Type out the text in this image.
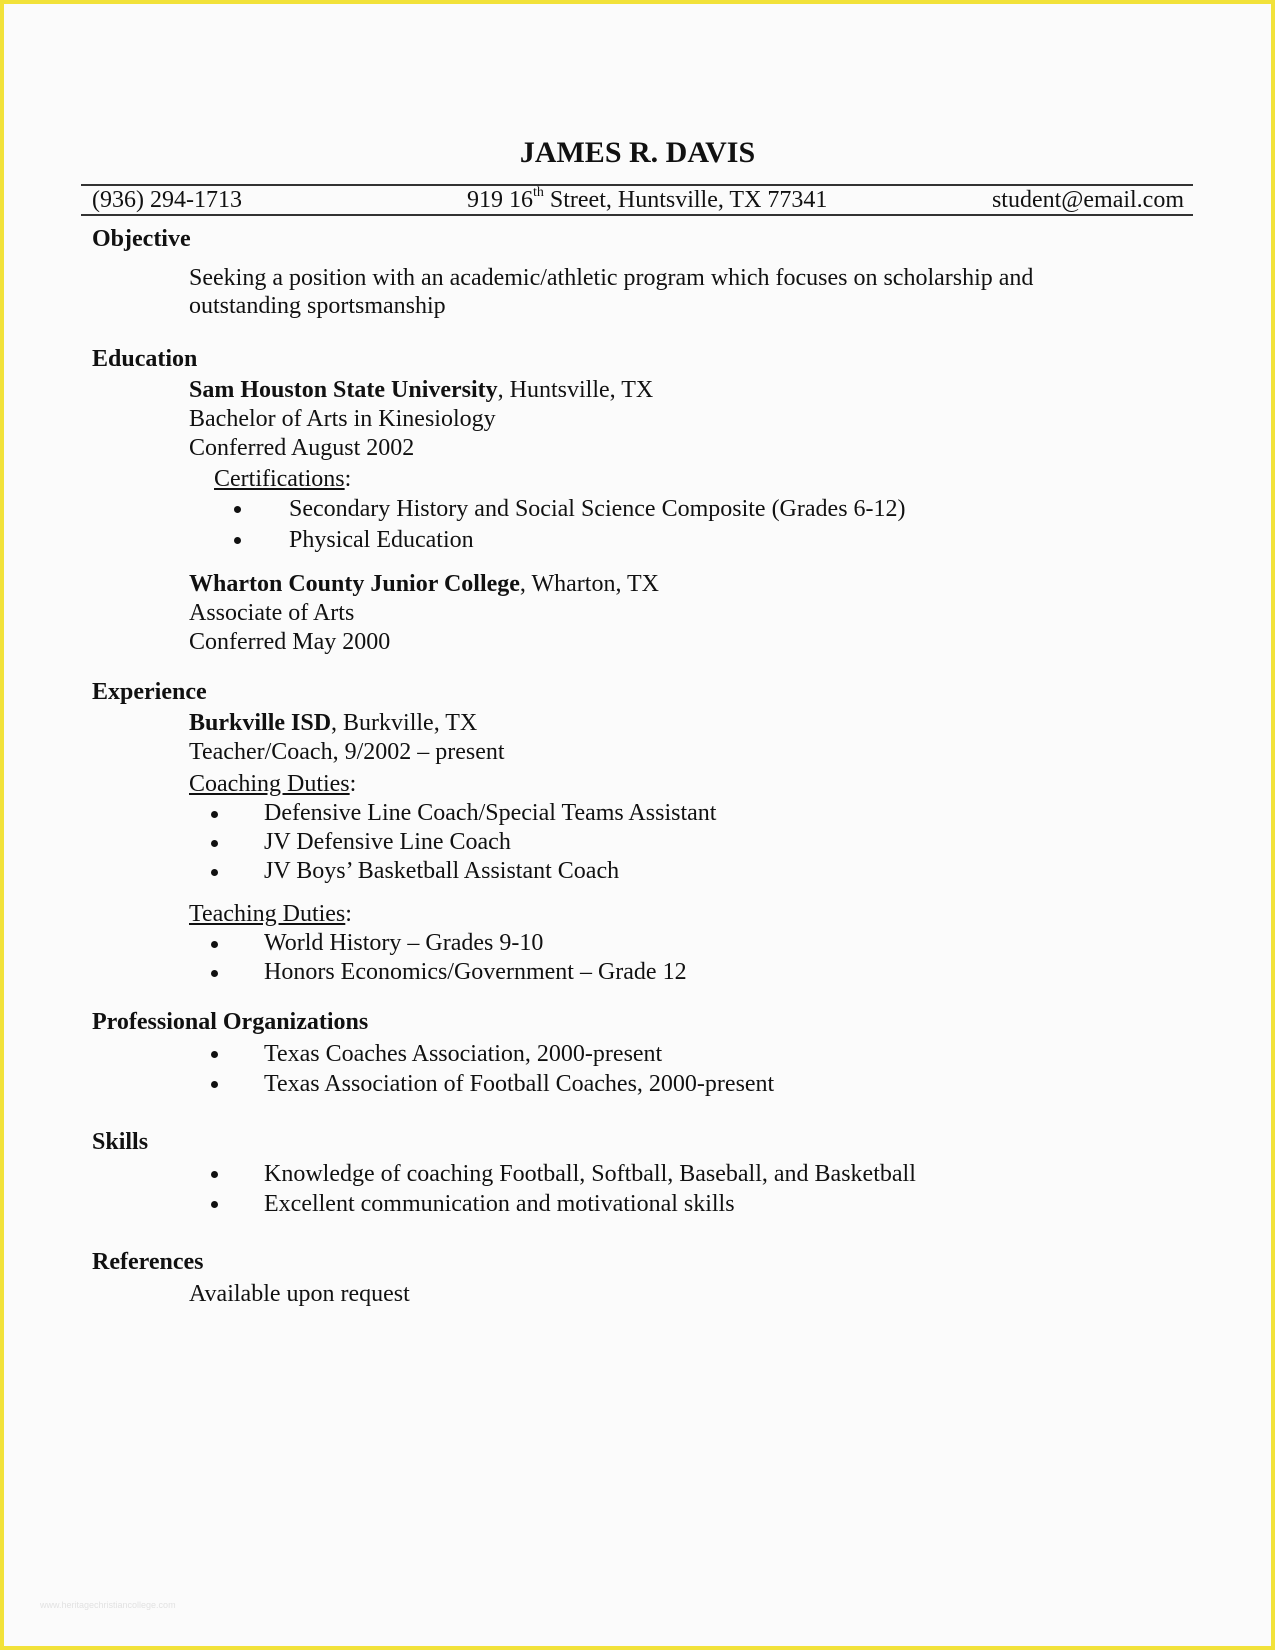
JAMES R. DAVIS
(936) 294-1713	919 16th Street, Huntsville, TX 77341	student@email.com
Objective
Seeking a position with an academic/athletic program which focuses on scholarship and outstanding sportsmanship
Education
Sam Houston State University, Huntsville, TX
Bachelor of Arts in Kinesiology
Conferred August 2002
Certifications:
Secondary History and Social Science Composite (Grades 6-12)
Physical Education
Wharton County Junior College, Wharton, TX
Associate of Arts
Conferred May 2000
Experience
Burkville ISD, Burkville, TX
Teacher/Coach, 9/2002 – present
Coaching Duties:
Defensive Line Coach/Special Teams Assistant
JV Defensive Line Coach
JV Boys’ Basketball Assistant Coach
Teaching Duties:
World History – Grades 9-10
Honors Economics/Government – Grade 12
Professional Organizations
Texas Coaches Association, 2000-present
Texas Association of Football Coaches, 2000-present
Skills
Knowledge of coaching Football, Softball, Baseball, and Basketball
Excellent communication and motivational skills
References
Available upon request
www.heritagechristiancollege.com
